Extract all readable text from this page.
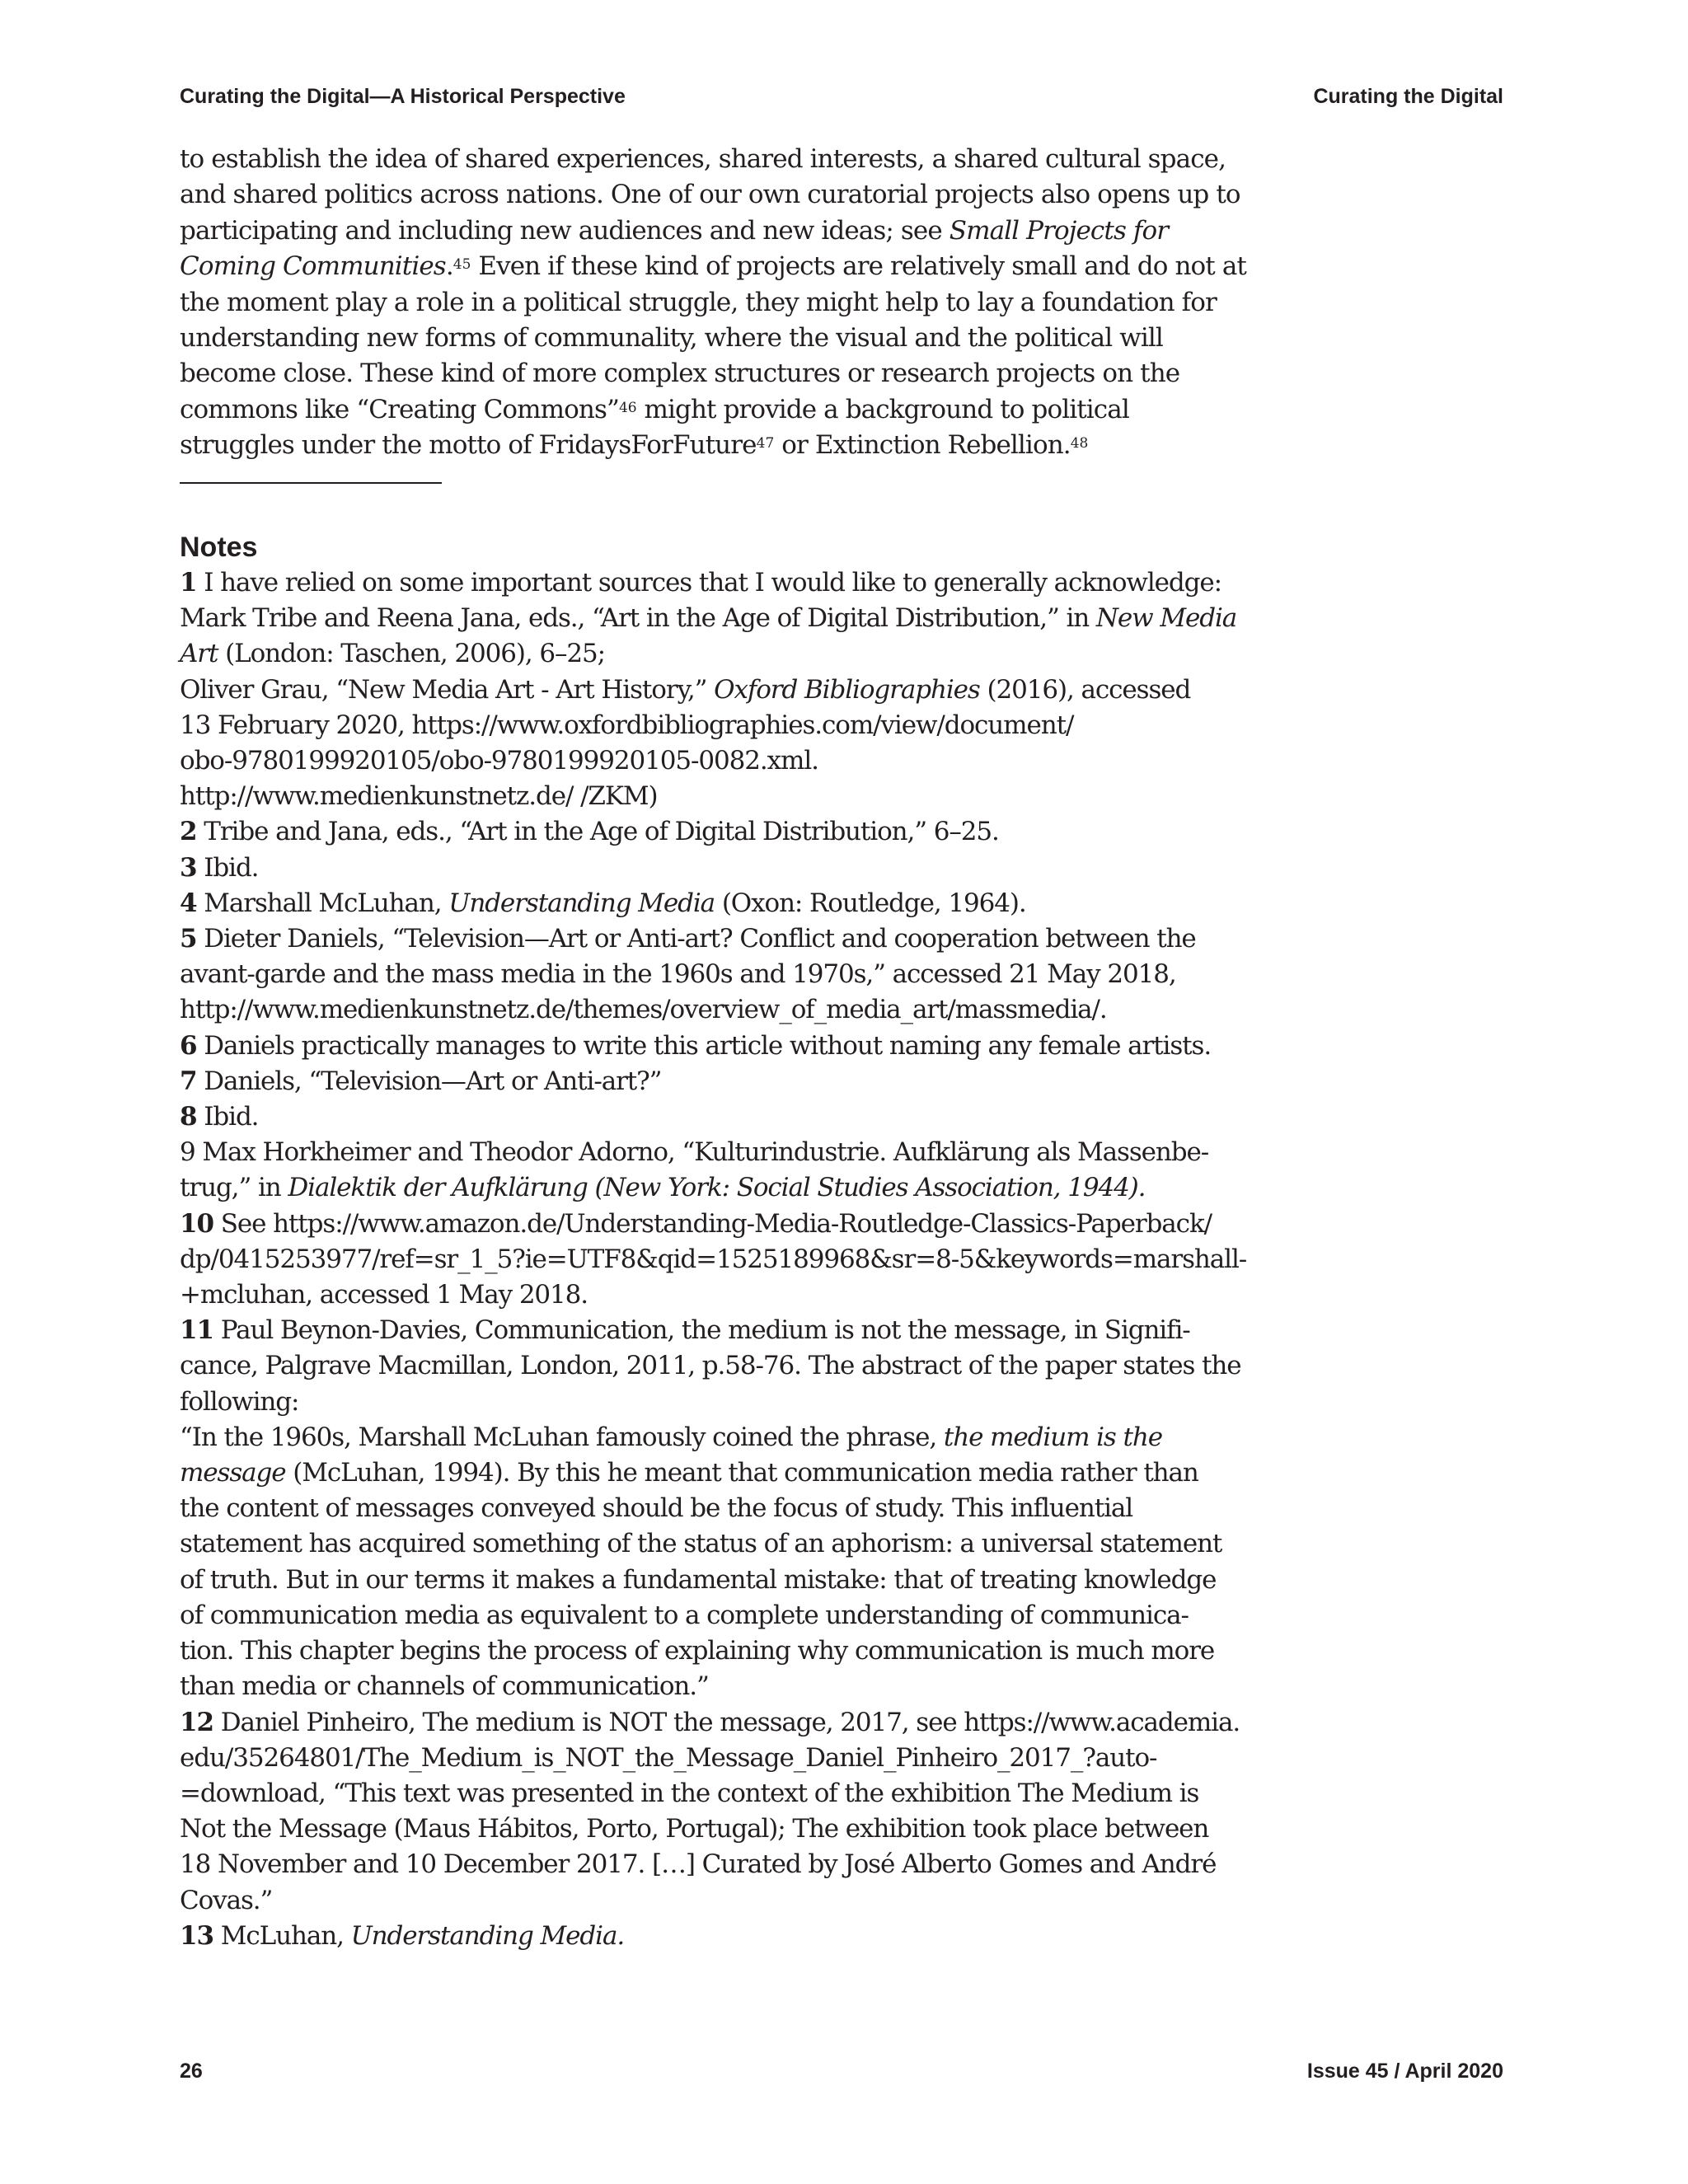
Curating the Digital—A Historical Perspective	Curating the Digital
to establish the idea of shared experiences, shared interests, a shared cultural space,
and shared politics across nations. One of our own curatorial projects also opens up to
participating and including new audiences and new ideas; see Small Projects for
Coming Communities.$^{45}$ Even if these kind of projects are relatively small and do not at
the moment play a role in a political struggle, they might help to lay a foundation for
understanding new forms of communality, where the visual and the political will
become close. These kind of more complex structures or research projects on the
commons like “Creating Commons”$^{46}$ might provide a background to political
struggles under the motto of FridaysForFuture$^{47}$ or Extinction Rebellion.$^{48}$
Notes
1 I have relied on some important sources that I would like to generally acknowledge:
Mark Tribe and Reena Jana, eds., “Art in the Age of Digital Distribution,” in New Media
Art (London: Taschen, 2006), 6–25;
Oliver Grau, “New Media Art - Art History,” Oxford Bibliographies (2016), accessed
13 February 2020, https://www.oxfordbibliographies.com/view/document/
obo-9780199920105/obo-9780199920105-0082.xml.
http://www.medienkunstnetz.de/ /ZKM)
2 Tribe and Jana, eds., “Art in the Age of Digital Distribution,” 6–25.
3 Ibid.
4 Marshall McLuhan, Understanding Media (Oxon: Routledge, 1964).
5 Dieter Daniels, “Television—Art or Anti-art? Conflict and cooperation between the
avant-garde and the mass media in the 1960s and 1970s,” accessed 21 May 2018,
http://www.medienkunstnetz.de/themes/overview_of_media_art/massmedia/.
6 Daniels practically manages to write this article without naming any female artists.
7 Daniels, “Television—Art or Anti-art?”
8 Ibid.
9 Max Horkheimer and Theodor Adorno, “Kulturindustrie. Aufklärung als Massenbe-
trug,” in Dialektik der Aufklärung (New York: Social Studies Association, 1944).
10 See https://www.amazon.de/Understanding-Media-Routledge-Classics-Paperback/
dp/0415253977/ref=sr_1_5?ie=UTF8&qid=1525189968&sr=8-5&keywords=marshall-
+mcluhan, accessed 1 May 2018.
11 Paul Beynon-Davies, Communication, the medium is not the message, in Signifi-
cance, Palgrave Macmillan, London, 2011, p.58-76. The abstract of the paper states the
following:
“In the 1960s, Marshall McLuhan famously coined the phrase, the medium is the
message (McLuhan, 1994). By this he meant that communication media rather than
the content of messages conveyed should be the focus of study. This influential
statement has acquired something of the status of an aphorism: a universal statement
of truth. But in our terms it makes a fundamental mistake: that of treating knowledge
of communication media as equivalent to a complete understanding of communica-
tion. This chapter begins the process of explaining why communication is much more
than media or channels of communication.”
12 Daniel Pinheiro, The medium is NOT the message, 2017, see https://www.academia.
edu/35264801/The_Medium_is_NOT_the_Message_Daniel_Pinheiro_2017_?auto-
=download, “This text was presented in the context of the exhibition The Medium is
Not the Message (Maus Hábitos, Porto, Portugal); The exhibition took place between
18 November and 10 December 2017. […] Curated by José Alberto Gomes and André
Covas.”
13 McLuhan, Understanding Media.
26	Issue 45 / April 2020
